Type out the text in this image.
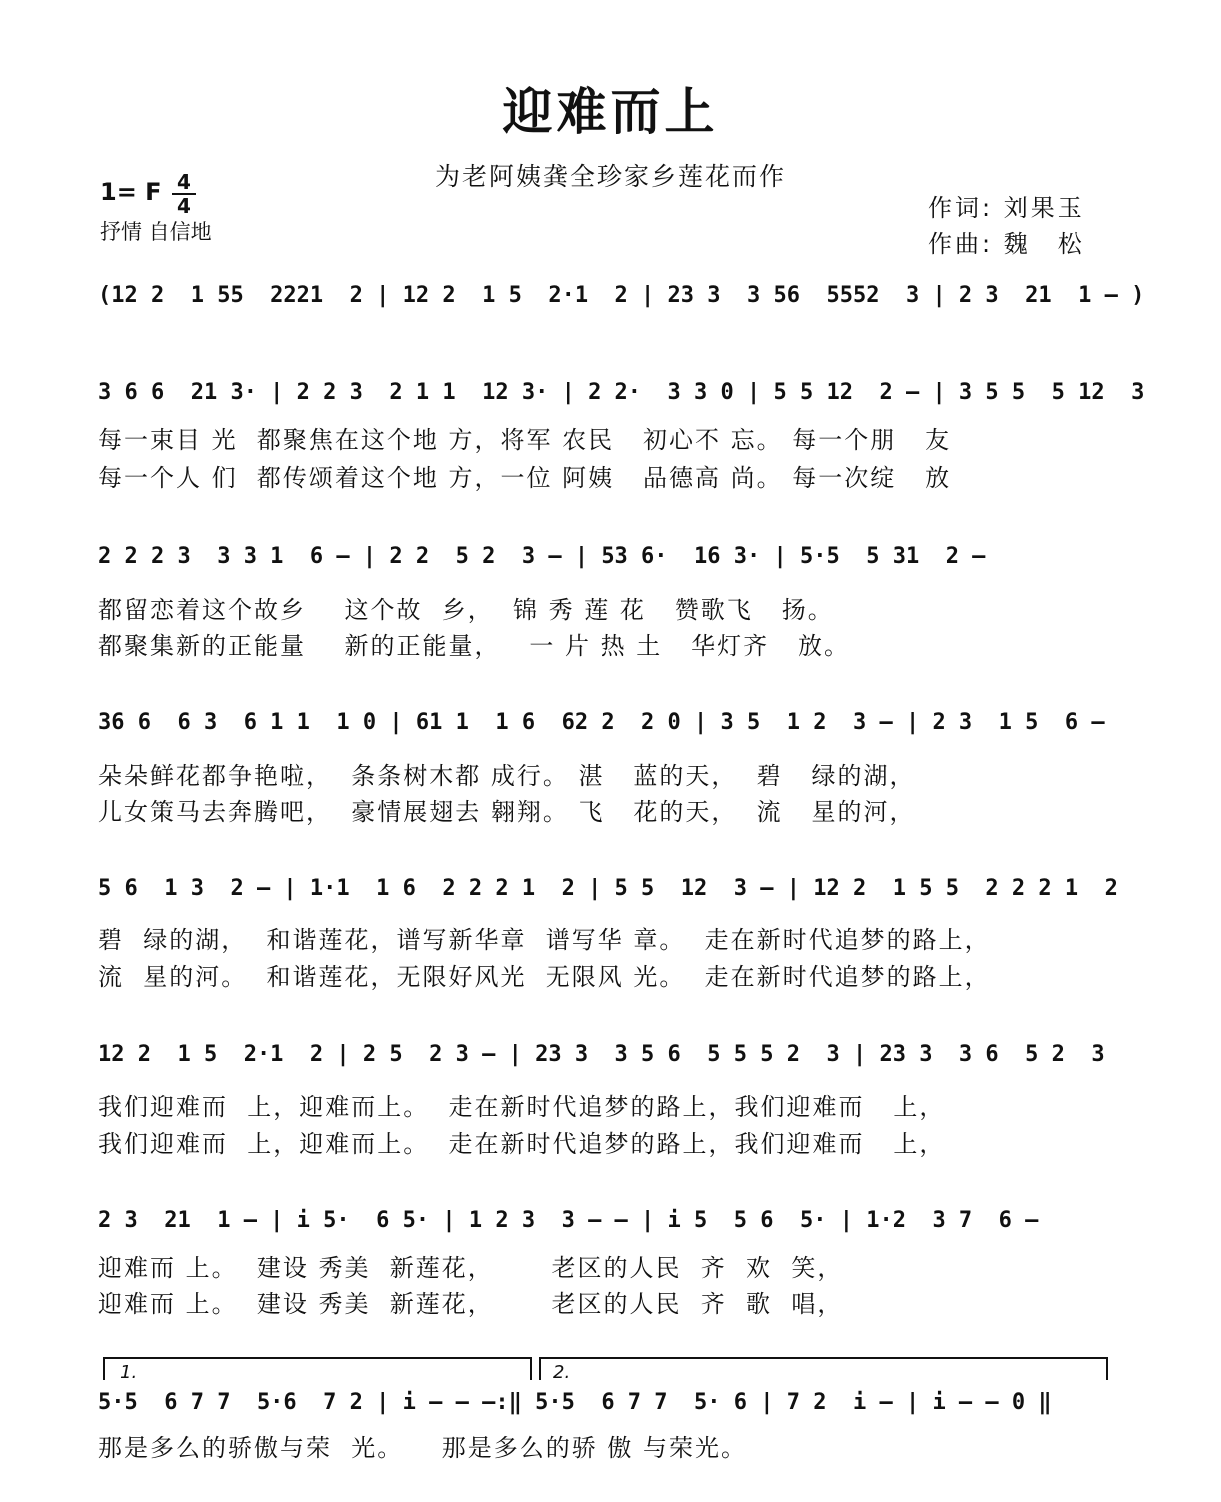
迎难而上
为老阿姨龚全珍家乡莲花而作
1= F 4
4
抒情 自信地
作词: 刘果玉
作曲: 魏　松
(12 2  1 55  2221  2 | 12 2  1 5  2·1  2 | 23 3  3 56  5552  3 | 2 3  21  1 – )
3 6 6  21 3· | 2 2 3  2 1 1  12 3· | 2 2·  3 3 0 | 5 5 12  2 – | 3 5 5  5 12  3
每一束目 光  都聚焦在这个地 方，将军 农民   初心不 忘。 每一个朋   友
每一个人 们  都传颂着这个地 方，一位 阿姨   品德高 尚。 每一次绽   放
2 2 2 3  3 3 1  6 – | 2 2  5 2  3 – | 53 6·  16 3· | 5·5  5 31  2 –
都留恋着这个故乡    这个故  乡，  锦 秀 莲 花   赞歌飞   扬。
都聚集新的正能量    新的正能量，   一 片 热 土   华灯齐   放。
36 6  6 3  6 1 1  1 0 | 61 1  1 6  62 2  2 0 | 3 5  1 2  3 – | 2 3  1 5  6 –
朵朵鲜花都争艳啦，  条条树木都 成行。 湛   蓝的天，  碧   绿的湖，
儿女策马去奔腾吧，  豪情展翅去 翱翔。 飞   花的天，  流   星的河，
5 6  1 3  2 – | 1·1  1 6  2 2 2 1  2 | 5 5  12  3 – | 12 2  1 5 5  2 2 2 1  2
碧  绿的湖，  和谐莲花，谱写新华章  谱写华 章。  走在新时代追梦的路上，
流  星的河。  和谐莲花，无限好风光  无限风 光。  走在新时代追梦的路上，
12 2  1 5  2·1  2 | 2 5  2 3 – | 23 3  3 5 6  5 5 5 2  3 | 23 3  3 6  5 2  3
我们迎难而  上，迎难而上。  走在新时代追梦的路上，我们迎难而   上，
我们迎难而  上，迎难而上。  走在新时代追梦的路上，我们迎难而   上，
2 3  21  1 – | i 5·  6 5· | 1 2 3  3 – – | i 5  5 6  5· | 1·2  3 7  6 –
迎难而 上。  建设 秀美  新莲花，      老区的人民  齐  欢  笑，
迎难而 上。  建设 秀美  新莲花，      老区的人民  齐  歌  唱，
1.	2.
5·5  6 7 7  5·6  7 2 | i – – –:‖ 5·5  6 7 7  5· 6 | 7 2  i – | i – – 0 ‖
那是多么的骄傲与荣  光。    那是多么的骄 傲 与荣光。
